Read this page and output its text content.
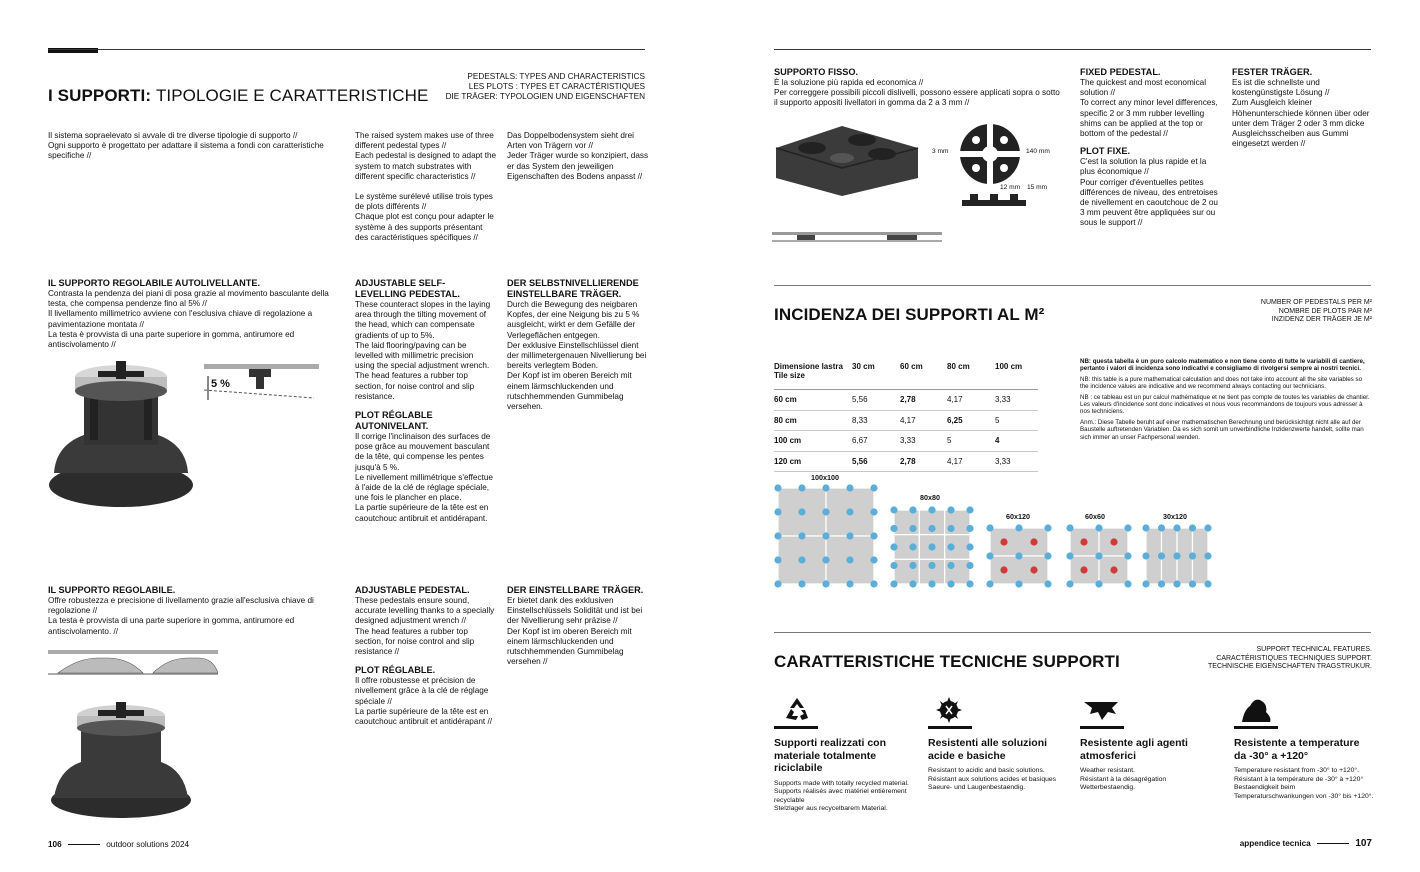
I SUPPORTI: TIPOLOGIE E CARATTERISTICHE
PEDESTALS: TYPES AND CHARACTERISTICS
LES PLOTS : TYPES ET CARACTÉRISTIQUES
DIE TRÄGER: TYPOLOGIEN UND EIGENSCHAFTEN
Il sistema sopraelevato si avvale di tre diverse tipologie di supporto //
Ogni supporto è progettato per adattare il sistema a fondi con caratteristiche specifiche //
The raised system makes use of three different pedestal types //
Each pedestal is designed to adapt the system to match substrates with different specific characteristics //
Le système surélevé utilise trois types de plots différents //
Chaque plot est conçu pour adapter le système à des supports présentant des caractéristiques spécifiques //
Das Doppelbodensystem sieht drei Arten von Trägern vor //
Jeder Träger wurde so konzipiert, dass er das System den jeweiligen Eigenschaften des Bodens anpasst //
IL SUPPORTO REGOLABILE AUTOLIVELLANTE.
Contrasta la pendenza dei piani di posa grazie al movimento basculante della testa, che compensa pendenze fino al 5% //
Il livellamento millimetrico avviene con l'esclusiva chiave di regolazione a pavimentazione montata //
La testa è provvista di una parte superiore in gomma, antirumore ed antiscivolamento //
ADJUSTABLE SELF-LEVELLING PEDESTAL.
These counteract slopes in the laying area through the tilting movement of the head, which can compensate gradients of up to 5%.
The laid flooring/paving can be levelled with millimetric precision using the special adjustment wrench.
The head features a rubber top section, for noise control and slip resistance.
PLOT RÉGLABLE AUTONIVELANT.
Il corrige l'inclinaison des surfaces de pose grâce au mouvement basculant de la tête, qui compense les pentes jusqu'à 5 %.
Le nivellement millimétrique s'effectue à l'aide de la clé de réglage spéciale, une fois le plancher en place.
La partie supérieure de la tête est en caoutchouc antibruit et antidérapant.
DER SELBSTNIVELLIERENDE EINSTELLBARE TRÄGER.
Durch die Bewegung des neigbaren Kopfes, der eine Neigung bis zu 5 % ausgleicht, wirkt er dem Gefälle der Verlegeflächen entgegen.
Der exklusive Einstellschlüssel dient der millimetergenauen Nivellierung bei bereits verlegtem Boden.
Der Kopf ist im oberen Bereich mit einem lärmschluckenden und rutschhemmenden Gummibelag versehen.
5 %
IL SUPPORTO REGOLABILE.
Offre robustezza e precisione di livellamento grazie all'esclusiva chiave di regolazione //
La testa è provvista di una parte superiore in gomma, antirumore ed antiscivolamento. //
ADJUSTABLE PEDESTAL.
These pedestals ensure sound, accurate levelling thanks to a specially designed adjustment wrench //
The head features a rubber top section, for noise control and slip resistance //
PLOT RÉGLABLE.
Il offre robustesse et précision de nivellement grâce à la clé de réglage spéciale //
La partie supérieure de la tête est en caoutchouc antibruit et antidérapant //
DER EINSTELLBARE TRÄGER.
Er bietet dank des exklusiven Einstellschlüssels Solidität und ist bei der Nivellierung sehr präzise //
Der Kopf ist im oberen Bereich mit einem lärmschluckenden und rutschhemmenden Gummibelag versehen //
106	outdoor solutions 2024
SUPPORTO FISSO.
È la soluzione più rapida ed economica //
Per correggere possibili piccoli dislivelli, possono essere applicati sopra o sotto il supporto appositi livellatori in gomma da 2 a 3 mm //
3 mm	140 mm
12 mm 15 mm
FIXED PEDESTAL.
The quickest and most economical solution //
To correct any minor level differences, specific 2 or 3 mm rubber levelling shims can be applied at the top or bottom of the pedestal //
PLOT FIXE.
C'est la solution la plus rapide et la plus économique //
Pour corriger d'éventuelles petites différences de niveau, des entretoises de nivellement en caoutchouc de 2 ou 3 mm peuvent être appliquées sur ou sous le support //
FESTER TRÄGER.
Es ist die schnellste und kostengünstigste Lösung //
Zum Ausgleich kleiner Höhenunterschiede können über oder unter dem Träger 2 oder 3 mm dicke Ausgleichsscheiben aus Gummi eingesetzt werden //
INCIDENZA DEI SUPPORTI AL M²
NUMBER OF PEDESTALS PER M²
NOMBRE DE PLOTS PAR M²
INZIDENZ DER TRÄGER JE M²
Dimensione lastra Tile size	30 cm	60 cm	80 cm	100 cm
60 cm	5,56	2,78	4,17	3,33
80 cm	8,33	4,17	6,25	5
100 cm	6,67	3,33	5	4
120 cm	5,56	2,78	4,17	3,33
NB: questa tabella è un puro calcolo matematico e non tiene conto di tutte le variabili di cantiere, pertanto i valori di incidenza sono indicativi e consigliamo di rivolgersi sempre ai nostri tecnici.
NB: this table is a pure mathematical calculation and does not take into account all the site variables so the incidence values are indicative and we recommend always contacting our technicians.
NB : ce tableau est un pur calcul mathématique et ne tient pas compte de toutes les variables de chantier. Les valeurs d'incidence sont donc indicatives et nous vous recommandons de toujours vous adresser à nos techniciens.
Anm.: Diese Tabelle beruht auf einer mathematischen Berechnung und berücksichtigt nicht alle auf der Baustelle auftretenden Variablen. Da es sich somit um unverbindliche Inzidenzwerte handelt, sollte man sich immer an unser Fachpersonal wenden.
100x100
80x80
60x120	60x60	30x120
CARATTERISTICHE TECNICHE SUPPORTI
SUPPORT TECHNICAL FEATURES.
CARACTÉRISTIQUES TECHNIQUES SUPPORT.
TECHNISCHE EIGENSCHAFTEN TRAGSTRUKUR.
Supporti realizzati con materiale totalmente riciclabile
Supports made with totally recycled material.
Supports réalisés avec matériel entièrement recyclable
Stelzlager aus recycelbarem Material.
Resistenti alle soluzioni acide e basiche
Resistant to acidic and basic solutions.
Résistant aux solutions acides et basiques
Saeure- und Laugenbestaendig.
Resistente agli agenti atmosferici
Weather resistant.
Résistant à la désagrégation
Wetterbestaendig.
Resistente a temperature da -30° a +120°
Temperature resistant from -30° to +120°.
Résistant à la température de -30° à +120°
Bestaendigkeit beim
Temperaturschwankungen von -30° bis +120°.
appendice tecnica	107
